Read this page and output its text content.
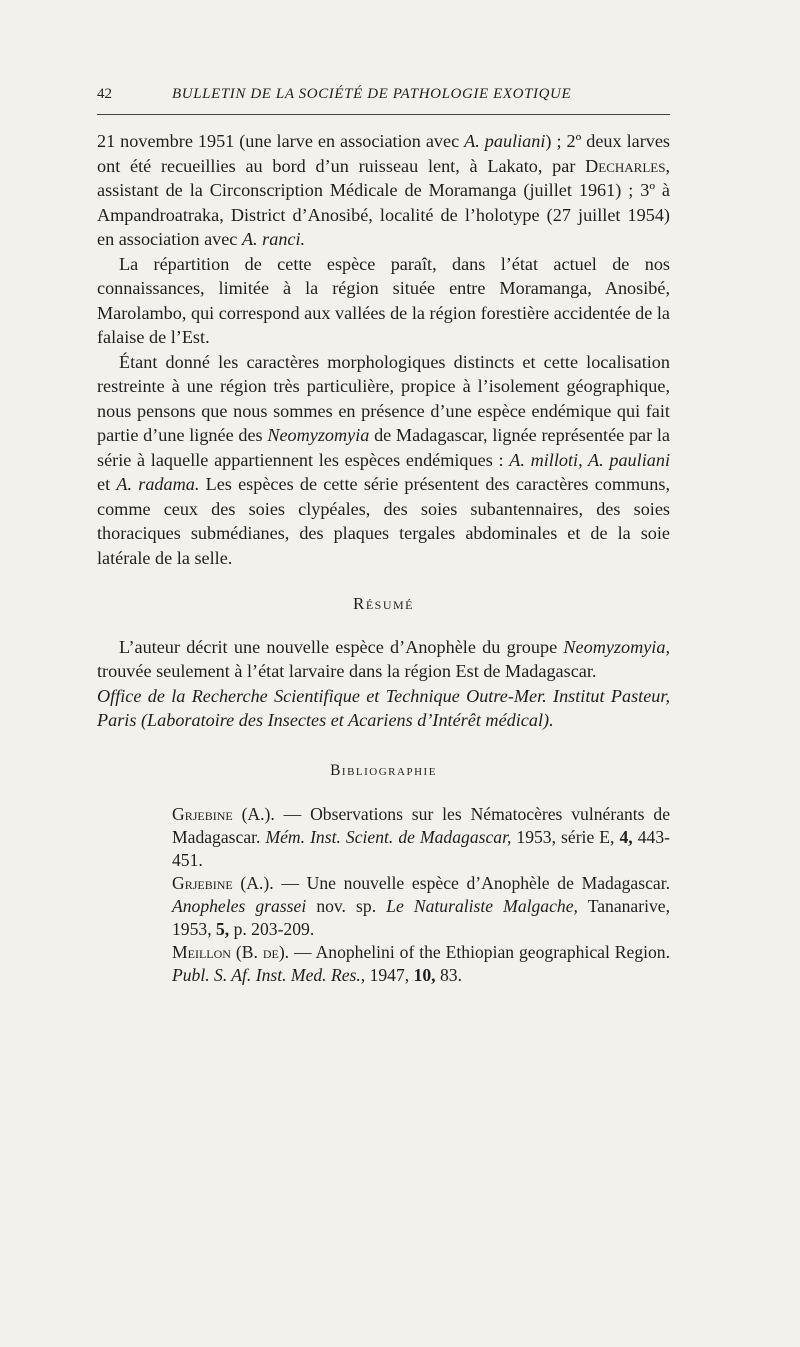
42	BULLETIN DE LA SOCIÉTÉ DE PATHOLOGIE EXOTIQUE

21 novembre 1951 (une larve en association avec A. pauliani) ; 2º deux larves ont été recueillies au bord d’un ruisseau lent, à Lakato, par Decharles, assistant de la Circonscription Médicale de Moramanga (juillet 1961) ; 3º à Ampandroatraka, District d’Anosibé, localité de l’holotype (27 juillet 1954) en association avec A. ranci.

La répartition de cette espèce paraît, dans l’état actuel de nos connaissances, limitée à la région située entre Moramanga, Anosibé, Marolambo, qui correspond aux vallées de la région forestière accidentée de la falaise de l’Est.

Étant donné les caractères morphologiques distincts et cette localisation restreinte à une région très particulière, propice à l’isolement géographique, nous pensons que nous sommes en présence d’une espèce endémique qui fait partie d’une lignée des Neomyzomyia de Madagascar, lignée représentée par la série à laquelle appartiennent les espèces endémiques : A. milloti, A. pauliani et A. radama. Les espèces de cette série présentent des caractères communs, comme ceux des soies clypéales, des soies subantennaires, des soies thoraciques submédianes, des plaques tergales abdominales et de la soie latérale de la selle.

Résumé

L’auteur décrit une nouvelle espèce d’Anophèle du groupe Neomyzomyia, trouvée seulement à l’état larvaire dans la région Est de Madagascar.

Office de la Recherche Scientifique et Technique Outre-Mer. Institut Pasteur, Paris (Laboratoire des Insectes et Acariens d’Intérêt médical).

Bibliographie

Grjebine (A.). — Observations sur les Nématocères vulnérants de Madagascar. Mém. Inst. Scient. de Madagascar, 1953, série E, 4, 443-451.

Grjebine (A.). — Une nouvelle espèce d’Anophèle de Madagascar. Anopheles grassei nov. sp. Le Naturaliste Malgache, Tananarive, 1953, 5, p. 203-209.

Meillon (B. de). — Anophelini of the Ethiopian geographical Region. Publ. S. Af. Inst. Med. Res., 1947, 10, 83.
